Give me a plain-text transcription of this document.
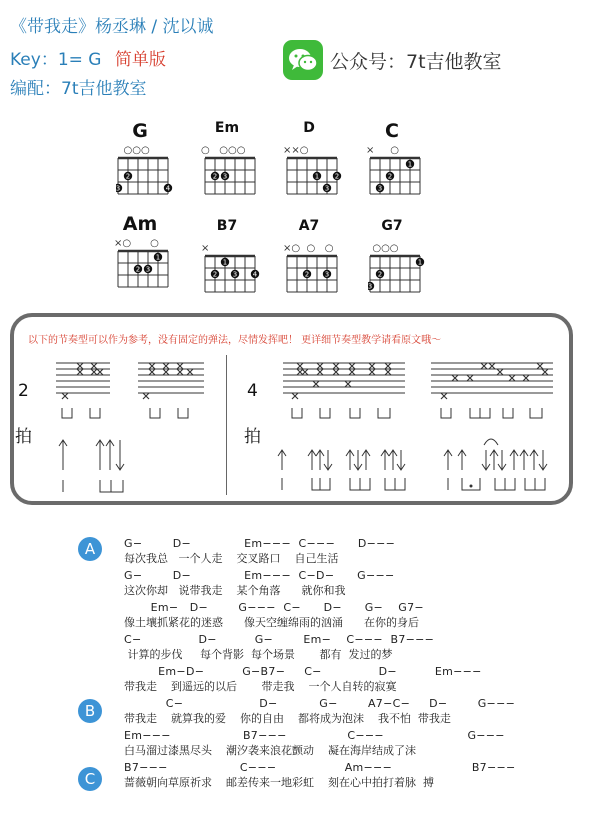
《带我走》杨丞琳 / 沈以诚
Key：1= G 简单版
编配：7t吉他教室
公众号：7t吉他教室
G
○○○
2
3	4
Em
○   ○○○
2 3
D
××○
1 2
3
C
×     ○
1
2
3
Am
×○      ○
1
2 3
B7
×
1
2 3 4
A7
×○  ○   ○
2 3
G7
○○○
1
2
3
以下的节奏型可以作为参考，没有固定的弹法，尽情发挥吧！ 更详细节奏型教学请看原文哦～
2
拍
4
拍
A
B
C
G−        D−              Em−−−  C−−−      D−−−
每次我总   一个人走    交叉路口    自己生活
G−        D−              Em−−−  C−D−      G−−−
这次你却   说带我走    某个角落      就你和我
Em−   D−        G−−−  C−      D−      G−    G7−
像土壤抓紧花的迷惑      像天空缠绵雨的汹涌      在你的身后
C−               D−          G−        Em−    C−−−  B7−−−
计算的步伐     每个背影  每个场景       都有  发过的梦
Em−D−          G−B7−     C−               D−          Em−−−
带我走    到遥远的以后       带走我    一个人自转的寂寞
C−                    D−           G−        A7−C−     D−        G−−−
带我走    就算我的爱    你的自由    都将成为泡沫    我不怕  带我走
Em−−−                   B7−−−                C−−−                      G−−−
白马溜过漆黑尽头    潮汐袭来浪花颤动    凝在海岸结成了沫
B7−−−                   C−−−                  Am−−−                     B7−−−
蔷薇朝向草原祈求    邮差传来一地彩虹    刻在心中拍打着脉  搏
